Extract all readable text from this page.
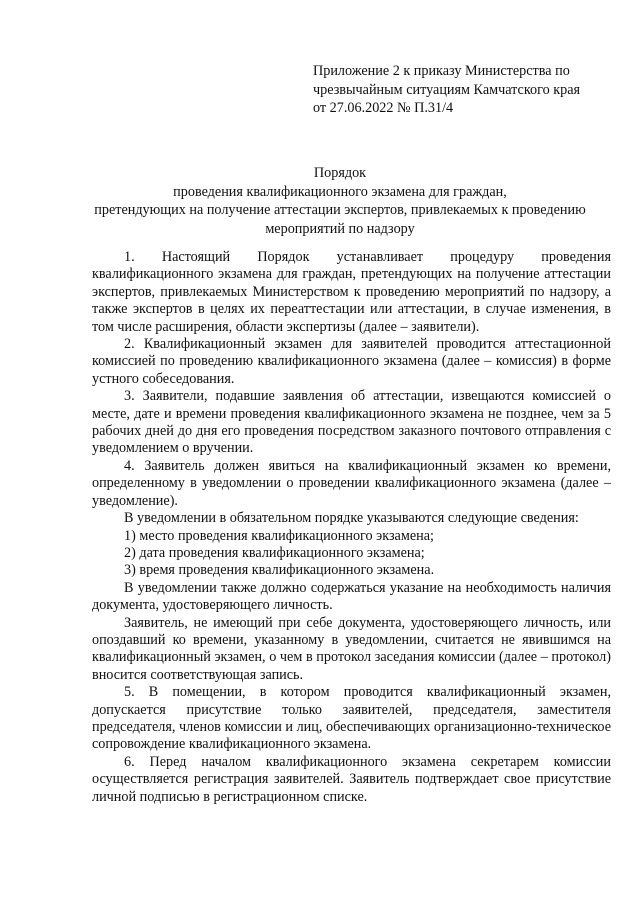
Приложение 2 к приказу Министерства по
чрезвычайным ситуациям Камчатского края
от 27.06.2022 № П.31/4
Порядок
проведения квалификационного экзамена для граждан,
претендующих на получение аттестации экспертов, привлекаемых к проведению
мероприятий по надзору

1. Настоящий Порядок устанавливает процедуру проведения квалификационного экзамена для граждан, претендующих на получение аттестации экспертов, привлекаемых Министерством к проведению мероприятий по надзору, а также экспертов в целях их переаттестации или аттестации, в случае изменения, в том числе расширения, области экспертизы (далее – заявители).

2. Квалификационный экзамен для заявителей проводится аттестационной комиссией по проведению квалификационного экзамена (далее – комиссия) в форме устного собеседования.

3. Заявители, подавшие заявления об аттестации, извещаются комиссией о месте, дате и времени проведения квалификационного экзамена не позднее, чем за 5 рабочих дней до дня его проведения посредством заказного почтового отправления с уведомлением о вручении.

4. Заявитель должен явиться на квалификационный экзамен ко времени, определенному в уведомлении о проведении квалификационного экзамена (далее – уведомление).

В уведомлении в обязательном порядке указываются следующие сведения:

1) место проведения квалификационного экзамена;

2) дата проведения квалификационного экзамена;

3) время проведения квалификационного экзамена.

В уведомлении также должно содержаться указание на необходимость наличия документа, удостоверяющего личность.

Заявитель, не имеющий при себе документа, удостоверяющего личность, или опоздавший ко времени, указанному в уведомлении, считается не явившимся на квалификационный экзамен, о чем в протокол заседания комиссии (далее – протокол) вносится соответствующая запись.

5. В помещении, в котором проводится квалификационный экзамен, допускается присутствие только заявителей, председателя, заместителя председателя, членов комиссии и лиц, обеспечивающих организационно-техническое сопровождение квалификационного экзамена.

6. Перед началом квалификационного экзамена секретарем комиссии осуществляется регистрация заявителей. Заявитель подтверждает свое присутствие личной подписью в регистрационном списке.
